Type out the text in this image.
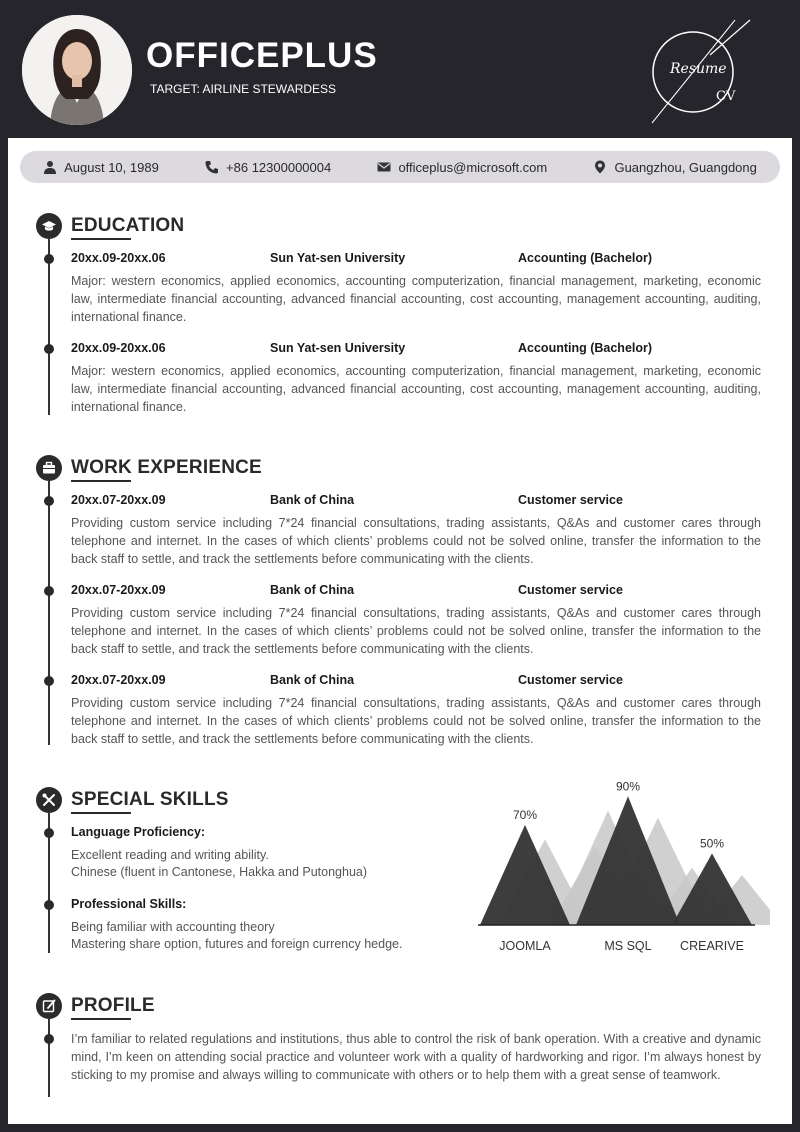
OFFICEPLUS
TARGET: AIRLINE STEWARDESS
Resume
CV
August 10, 1989	+86 12300000004	officeplus@microsoft.com	Guangzhou, Guangdong
EDUCATION
20xx.09-20xx.06	Sun Yat-sen University	Accounting (Bachelor)
Major: western economics, applied economics, accounting computerization, financial management, marketing, economic law, intermediate financial accounting, advanced financial accounting, cost accounting, management accounting, auditing, international finance.
20xx.09-20xx.06	Sun Yat-sen University	Accounting (Bachelor)
Major: western economics, applied economics, accounting computerization, financial management, marketing, economic law, intermediate financial accounting, advanced financial accounting, cost accounting, management accounting, auditing, international finance.
WORK EXPERIENCE
20xx.07-20xx.09	Bank of China	Customer service
Providing custom service including 7*24 financial consultations, trading assistants, Q&As and customer cares through telephone and internet. In the cases of which clients’ problems could not be solved online, transfer the information to the back staff to settle, and track the settlements before communicating with the clients.
20xx.07-20xx.09	Bank of China	Customer service
Providing custom service including 7*24 financial consultations, trading assistants, Q&As and customer cares through telephone and internet. In the cases of which clients’ problems could not be solved online, transfer the information to the back staff to settle, and track the settlements before communicating with the clients.
20xx.07-20xx.09	Bank of China	Customer service
Providing custom service including 7*24 financial consultations, trading assistants, Q&As and customer cares through telephone and internet. In the cases of which clients’ problems could not be solved online, transfer the information to the back staff to settle, and track the settlements before communicating with the clients.
SPECIAL SKILLS
Language Proficiency:
Excellent reading and writing ability.
Chinese (fluent in Cantonese, Hakka and Putonghua)
Professional Skills:
Being familiar with accounting theory
Mastering share option, futures and foreign currency hedge.
70%
JOOMLA
90%
MS SQL
50%
CREARIVE
PROFILE
I’m familiar to related regulations and institutions, thus able to control the risk of bank operation. With a creative and dynamic mind, I’m keen on attending social practice and volunteer work with a quality of hardworking and rigor. I’m always honest by sticking to my promise and always willing to communicate with others or to help them with a great sense of teamwork.
